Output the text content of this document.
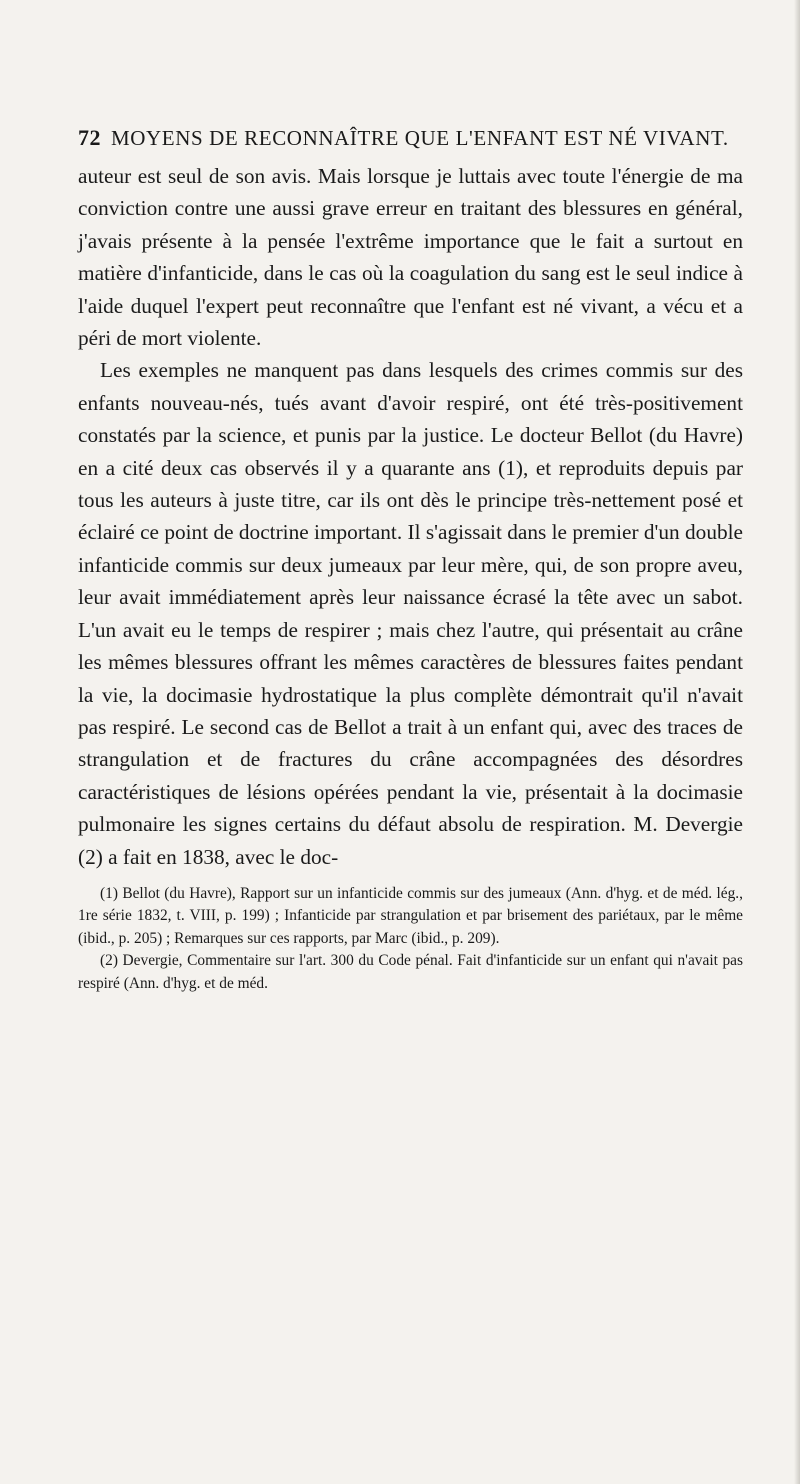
72 MOYENS DE RECONNAÎTRE QUE L'ENFANT EST NÉ VIVANT.

auteur est seul de son avis. Mais lorsque je luttais avec toute l'énergie de ma conviction contre une aussi grave erreur en traitant des blessures en général, j'avais présente à la pensée l'extrême importance que le fait a surtout en matière d'infanticide, dans le cas où la coagulation du sang est le seul indice à l'aide duquel l'expert peut reconnaître que l'enfant est né vivant, a vécu et a péri de mort violente.

Les exemples ne manquent pas dans lesquels des crimes commis sur des enfants nouveau-nés, tués avant d'avoir respiré, ont été très-positivement constatés par la science, et punis par la justice. Le docteur Bellot (du Havre) en a cité deux cas observés il y a quarante ans (1), et reproduits depuis par tous les auteurs à juste titre, car ils ont dès le principe très-nettement posé et éclairé ce point de doctrine important. Il s'agissait dans le premier d'un double infanticide commis sur deux jumeaux par leur mère, qui, de son propre aveu, leur avait immédiatement après leur naissance écrasé la tête avec un sabot. L'un avait eu le temps de respirer ; mais chez l'autre, qui présentait au crâne les mêmes blessures offrant les mêmes caractères de blessures faites pendant la vie, la docimasie hydrostatique la plus complète démontrait qu'il n'avait pas respiré. Le second cas de Bellot a trait à un enfant qui, avec des traces de strangulation et de fractures du crâne accompagnées des désordres caractéristiques de lésions opérées pendant la vie, présentait à la docimasie pulmonaire les signes certains du défaut absolu de respiration. M. Devergie (2) a fait en 1838, avec le doc-

(1) Bellot (du Havre), Rapport sur un infanticide commis sur des jumeaux (Ann. d'hyg. et de méd. lég., 1re série 1832, t. VIII, p. 199) ; Infanticide par strangulation et par brisement des pariétaux, par le même (ibid., p. 205) ; Remarques sur ces rapports, par Marc (ibid., p. 209).

(2) Devergie, Commentaire sur l'art. 300 du Code pénal. Fait d'infanticide sur un enfant qui n'avait pas respiré (Ann. d'hyg. et de méd.
